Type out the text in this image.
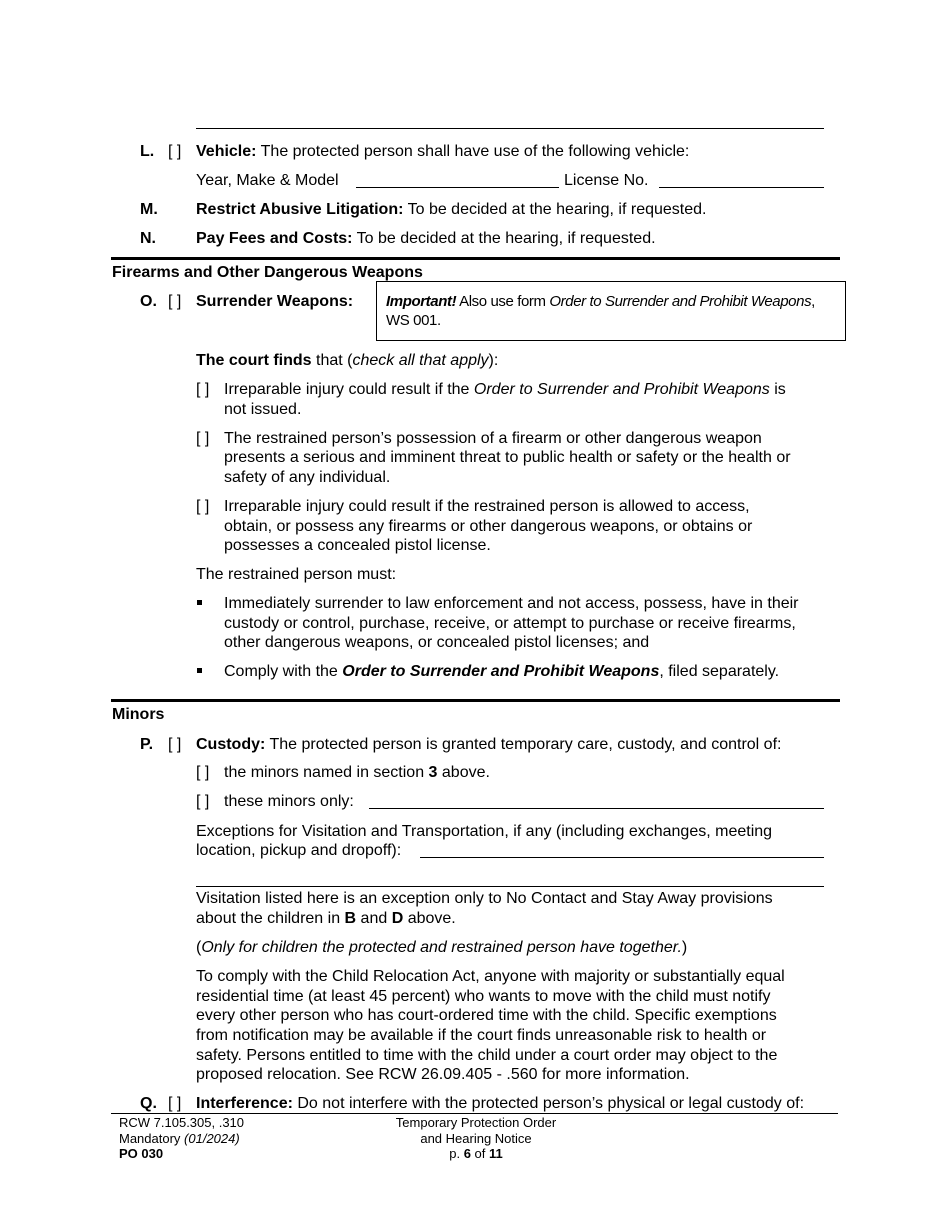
L. [ ] Vehicle: The protected person shall have use of the following vehicle:
Year, Make & Model	License No.
M. Restrict Abusive Litigation: To be decided at the hearing, if requested.
N.	Pay Fees and Costs: To be decided at the hearing, if requested.
Firearms and Other Dangerous Weapons
O. [ ] Surrender Weapons: Important! Also use form Order to Surrender and Prohibit Weapons, WS 001.
The court finds that (check all that apply):
[ ] Irreparable injury could result if the Order to Surrender and Prohibit Weapons is
not issued.
[ ] The restrained person’s possession of a firearm or other dangerous weapon
presents a serious and imminent threat to public health or safety or the health or
safety of any individual.
[ ] Irreparable injury could result if the restrained person is allowed to access,
obtain, or possess any firearms or other dangerous weapons, or obtains or
possesses a concealed pistol license.
The restrained person must:
Immediately surrender to law enforcement and not access, possess, have in their
custody or control, purchase, receive, or attempt to purchase or receive firearms,
other dangerous weapons, or concealed pistol licenses; and
Comply with the Order to Surrender and Prohibit Weapons, filed separately.
Minors
P. [ ] Custody: The protected person is granted temporary care, custody, and control of:
[ ] the minors named in section 3 above.
[ ] these minors only:
Exceptions for Visitation and Transportation, if any (including exchanges, meeting
location, pickup and dropoff):
Visitation listed here is an exception only to No Contact and Stay Away provisions
about the children in B and D above.
(Only for children the protected and restrained person have together.)
To comply with the Child Relocation Act, anyone with majority or substantially equal
residential time (at least 45 percent) who wants to move with the child must notify
every other person who has court-ordered time with the child. Specific exemptions
from notification may be available if the court finds unreasonable risk to health or
safety. Persons entitled to time with the child under a court order may object to the
proposed relocation. See RCW 26.09.405 - .560 for more information.
Q. [ ] Interference: Do not interfere with the protected person’s physical or legal custody of:
RCW 7.105.305, .310
Mandatory (01/2024)
PO 030
Temporary Protection Order
and Hearing Notice
p. 6 of 11
